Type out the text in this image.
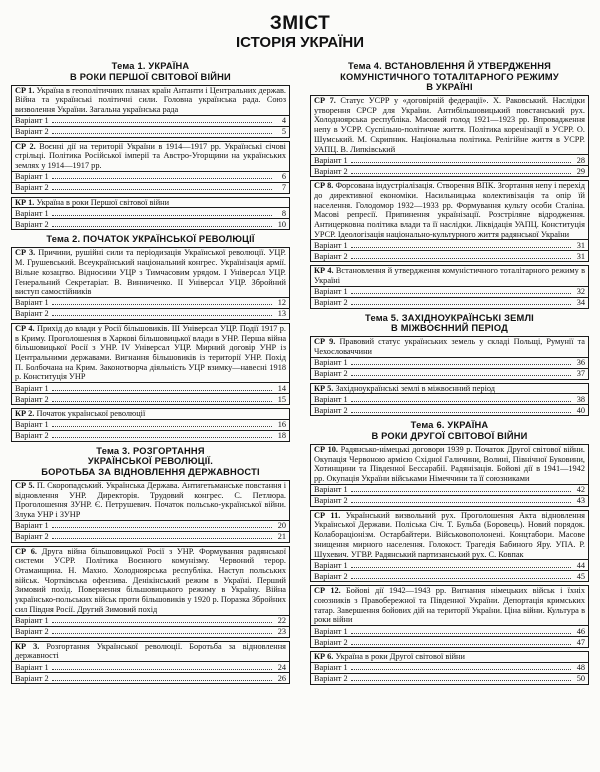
ЗМІСТ
ІСТОРІЯ УКРАЇНИ
Тема 1. УКРАЇНА
В РОКИ ПЕРШОЇ СВІТОВОЇ ВІЙНИ
СР 1. Україна в геополітичних планах країн Антанти і Центральних держав. Війна та українські політичні сили. Головна українська рада. Союз визволення України. Загальна українська рада
Варіант 1	4
Варіант 2	5
СР 2. Воєнні дії на території України в 1914—1917 рр. Українські січові стрільці. Політика Російської імперії та Австро-Угорщини на українських землях у 1914—1917 рр.
Варіант 1	6
Варіант 2	7
КР 1. Україна в роки Першої світової війни
Варіант 1	8
Варіант 2	10
Тема 2. ПОЧАТОК УКРАЇНСЬКОЇ РЕВОЛЮЦІЇ
СР 3. Причини, рушійні сили та періодизація Української революції. УЦР. М. Грушевський. Всеукраїнський національний конгрес. Українізація армії. Вільне козацтво. Відносини УЦР з Тимчасовим урядом. I Універсал УЦР. Генеральний Секретаріат. В. Винниченко. II Універсал УЦР. Збройний виступ самостійників
Варіант 1	12
Варіант 2	13
СР 4. Прихід до влади у Росії більшовиків. III Універсал УЦР. Події 1917 р. в Криму. Проголошення в Харкові більшовицької влади в УНР. Перша війна більшовицької Росії з УНР. IV Універсал УЦР. Мирний договір УНР із Центральними державами. Вигнання більшовиків із території УНР. Похід П. Болбочана на Крим. Законотворча діяльність УЦР взимку—навесні 1918 р. Конституція УНР
Варіант 1	14
Варіант 2	15
КР 2. Початок української революції
Варіант 1	16
Варіант 2	18
Тема 3. РОЗГОРТАННЯ
УКРАЇНСЬКОЇ РЕВОЛЮЦІЇ.
БОРОТЬБА ЗА ВІДНОВЛЕННЯ ДЕРЖАВНОСТІ
СР 5. П. Скоропадський. Українська Держава. Антигетьманське повстання і відновлення УНР. Директорія. Трудовий конгрес. С. Петлюра. Проголошення ЗУНР. Є. Петрушевич. Початок польсько-української війни. Злука УНР і ЗУНР
Варіант 1	20
Варіант 2	21
СР 6. Друга війна більшовицької Росії з УНР. Формування радянської системи УСРР. Політика Воєнного комунізму. Червоний терор. Отаманщина. Н. Махно. Холодноярська республіка. Наступ польських військ. Чортківська офензива. Денікінський режим в Україні. Перший Зимовий похід. Повернення більшовицького режиму в Україну. Війна українсько-польських військ проти більшовиків у 1920 р. Поразка Збройних сил Півдня Росії. Другий Зимовий похід
Варіант 1	22
Варіант 2	23
КР 3. Розгортання Української революції. Боротьба за відновлення державності
Варіант 1	24
Варіант 2	26
Тема 4. ВСТАНОВЛЕННЯ Й УТВЕРДЖЕННЯ
КОМУНІСТИЧНОГО ТОТАЛІТАРНОГО РЕЖИМУ
В УКРАЇНІ
СР 7. Статус УСРР у «договірній федерації». Х. Раковський. Наслідки утворення СРСР для України. Антибільшовицький повстанський рух. Холодноярська республіка. Масовий голод 1921—1923 рр. Впровадження непу в УСРР. Суспільно-політичне життя. Політика коренізації в УСРР. О. Шумський. М. Скрипник. Національна політика. Релігійне життя в УСРР. УАПЦ. В. Липківський
Варіант 1	28
Варіант 2	29
СР 8. Форсована індустріалізація. Створення ВПК. Згортання непу і перехід до директивної економіки. Насильницька колективізація та опір їй населення. Голодомор 1932—1933 рр. Формування культу особи Сталіна. Масові репресії. Припинення українізації. Розстріляне відродження. Антицерковна політика влади та її наслідки. Ліквідація УАПЦ. Конституція УРСР. Ідеологізація національно-культурного життя радянської України
Варіант 1	31
Варіант 2	31
КР 4. Встановлення й утвердження комуністичного тоталітарного режиму в Україні
Варіант 1	32
Варіант 2	34
Тема 5. ЗАХІДНОУКРАЇНСЬКІ ЗЕМЛІ
В МІЖВОЄННИЙ ПЕРІОД
СР 9. Правовий статус українських земель у складі Польщі, Румунії та Чехословаччини
Варіант 1	36
Варіант 2	37
КР 5. Західноукраїнські землі в міжвоєнний період
Варіант 1	38
Варіант 2	40
Тема 6. УКРАЇНА
В РОКИ ДРУГОЇ СВІТОВОЇ ВІЙНИ
СР 10. Радянсько-німецькі договори 1939 р. Початок Другої світової війни. Окупація Червоною армією Східної Галичини, Волині, Північної Буковини, Хотинщини та Південної Бессарабії. Радянізація. Бойові дії в 1941—1942 рр. Окупація України військами Німеччини та її союзниками
Варіант 1	42
Варіант 2	43
СР 11. Український визвольний рух. Проголошення Акта відновлення Української Держави. Поліська Січ. Т. Бульба (Боровець). Новий порядок. Колабораціонізм. Остарбайтери. Військовополонені. Концтабори. Масове знищення мирного населення. Голокост. Трагедія Бабиного Яру. УПА. Р. Шухевич. УГВР. Радянський партизанський рух. С. Ковпак
Варіант 1	44
Варіант 2	45
СР 12. Бойові дії 1942—1943 рр. Вигнання німецьких військ і їхніх союзників з Правобережної та Південної України. Депортація кримських татар. Завершення бойових дій на території України. Ціна війни. Культура в роки війни
Варіант 1	46
Варіант 2	47
КР 6. Україна в роки Другої світової війни
Варіант 1	48
Варіант 2	50
